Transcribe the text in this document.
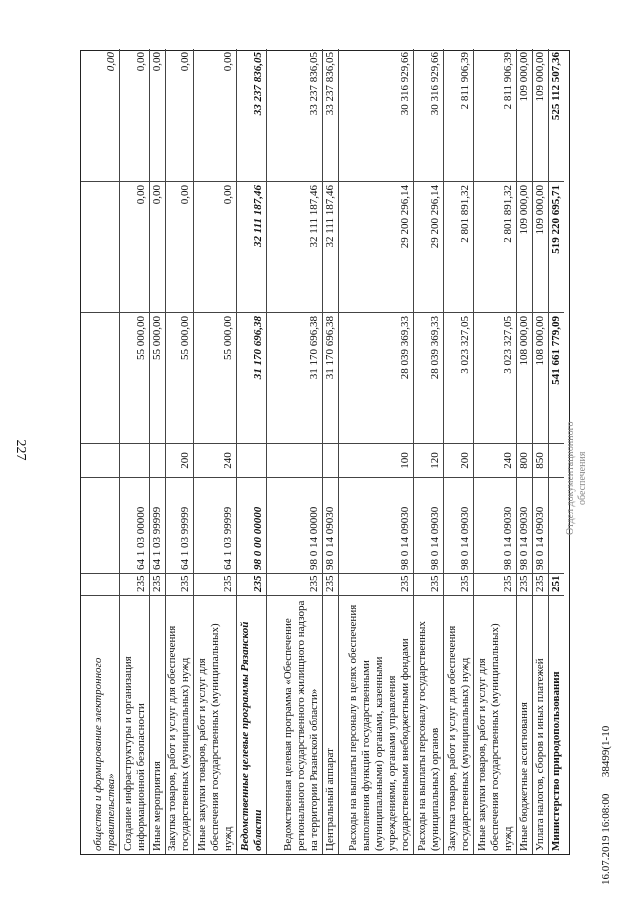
227
общества и формирование электронного правительства»
0,00
Создание инфраструктуры и организация информационной безопасности
235
64 1 03 00000
55 000,00
0,00
0,00
Иные мероприятия
235
64 1 03 99999
55 000,00
0,00
0,00
Закупка товаров, работ и услуг для обеспечения государственных (муниципальных) нужд
235
64 1 03 99999
200
55 000,00
0,00
0,00
Иные закупки товаров, работ и услуг для обеспечения государственных (муниципальных) нужд
235
64 1 03 99999
240
55 000,00
0,00
0,00
Ведомственные целевые программы Рязанской области
235
98 0 00 00000
31 170 696,38
32 111 187,46
33 237 836,05
Ведомственная целевая программа «Обеспечение регионального государственного жилищного надзора на территории Рязанской области»
235
98 0 14 00000
31 170 696,38
32 111 187,46
33 237 836,05
Центральный аппарат
235
98 0 14 09030
31 170 696,38
32 111 187,46
33 237 836,05
Расходы на выплаты персоналу в целях обеспечения выполнения функций государственными (муниципальными) органами, казенными учреждениями, органами управления государственными внебюджетными фондами
235
98 0 14 09030
100
28 039 369,33
29 200 296,14
30 316 929,66
Расходы на выплаты персоналу государственных (муниципальных) органов
235
98 0 14 09030
120
28 039 369,33
29 200 296,14
30 316 929,66
Закупка товаров, работ и услуг для обеспечения государственных (муниципальных) нужд
235
98 0 14 09030
200
3 023 327,05
2 801 891,32
2 811 906,39
Иные закупки товаров, работ и услуг для обеспечения государственных (муниципальных) нужд
235
98 0 14 09030
240
3 023 327,05
2 801 891,32
2 811 906,39
Иные бюджетные ассигнования
235
98 0 14 09030
800
108 000,00
109 000,00
109 000,00
Уплата налогов, сборов и иных платежей
235
98 0 14 09030
850
108 000,00
109 000,00
109 000,00
Министерство природопользования
251
541 661 779,09
519 220 695,71
525 112 507,36
16.07.2019 16:08:00      38499(1-10
Отдел документационного обеспечения
